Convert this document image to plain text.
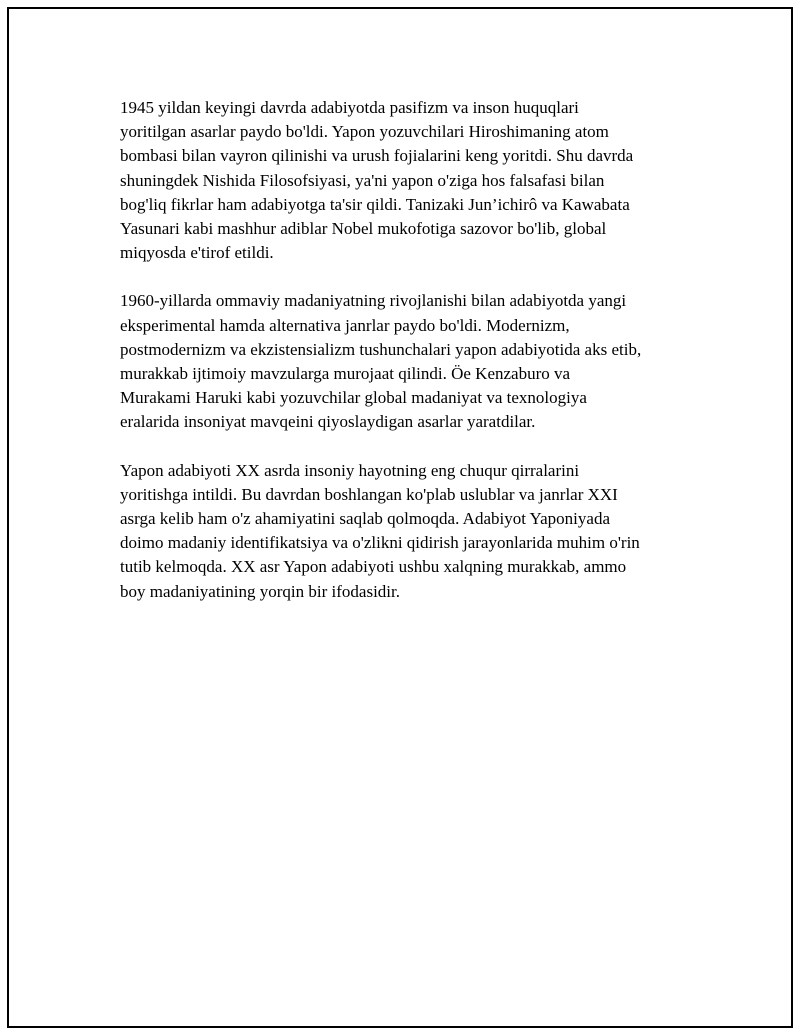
1945 yildan keyingi davrda adabiyotda pasifizm va inson huquqlari
yoritilgan asarlar paydo bo'ldi. Yapon yozuvchilari Hiroshimaning atom
bombasi bilan vayron qilinishi va urush fojialarini keng yoritdi. Shu davrda
shuningdek Nishida Filosofsiyasi, ya'ni yapon o'ziga hos falsafasi bilan
bog'liq fikrlar ham adabiyotga ta'sir qildi. Tanizaki Jun’ichirô va Kawabata
Yasunari kabi mashhur adiblar Nobel mukofotiga sazovor bo'lib, global
miqyosda e'tirof etildi.

1960-yillarda ommaviy madaniyatning rivojlanishi bilan adabiyotda yangi
eksperimental hamda alternativa janrlar paydo bo'ldi. Modernizm,
postmodernizm va ekzistensializm tushunchalari yapon adabiyotida aks etib,
murakkab ijtimoiy mavzularga murojaat qilindi. Öe Kenzaburo va
Murakami Haruki kabi yozuvchilar global madaniyat va texnologiya
eralarida insoniyat mavqeini qiyoslaydigan asarlar yaratdilar.

Yapon adabiyoti XX asrda insoniy hayotning eng chuqur qirralarini
yoritishga intildi. Bu davrdan boshlangan ko'plab uslublar va janrlar XXI
asrga kelib ham o'z ahamiyatini saqlab qolmoqda. Adabiyot Yaponiyada
doimo madaniy identifikatsiya va o'zlikni qidirish jarayonlarida muhim o'rin
tutib kelmoqda. XX asr Yapon adabiyoti ushbu xalqning murakkab, ammo
boy madaniyatining yorqin bir ifodasidir.
